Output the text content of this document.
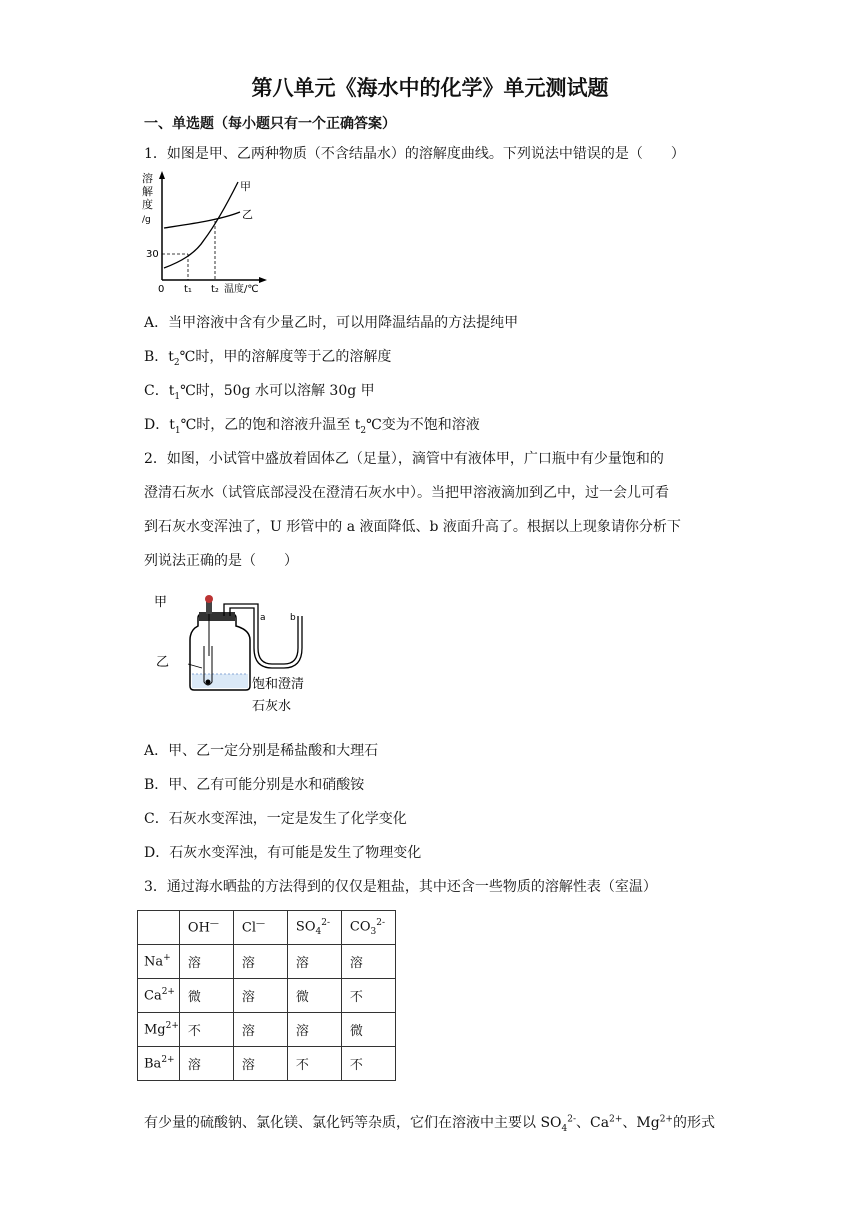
第八单元《海水中的化学》单元测试题
一、单选题（每小题只有一个正确答案）
1．如图是甲、乙两种物质（不含结晶水）的溶解度曲线。下列说法中错误的是（　　）
溶
解
度
/g
30
0 t₁ t₂ 温度/℃
甲
乙
A．当甲溶液中含有少量乙时，可以用降温结晶的方法提纯甲
B．$t_2℃$时，甲的溶解度等于乙的溶解度
C．$t_1℃$时，50g 水可以溶解 30g 甲
D．$t_1℃$时，乙的饱和溶液升温至 $t_2℃$变为不饱和溶液
2．如图，小试管中盛放着固体乙（足量），滴管中有液体甲，广口瓶中有少量饱和的
澄清石灰水（试管底部浸没在澄清石灰水中）。当把甲溶液滴加到乙中，过一会儿可看
到石灰水变浑浊了，U 形管中的 a 液面降低、b 液面升高了。根据以上现象请你分析下
列说法正确的是（　　）
甲
乙
a	b
饱和澄清
石灰水
A．甲、乙一定分别是稀盐酸和大理石
B．甲、乙有可能分别是水和硝酸铵
C．石灰水变浑浊，一定是发生了化学变化
D．石灰水变浑浊，有可能是发生了物理变化
3．通过海水晒盐的方法得到的仅仅是粗盐，其中还含一些物质的溶解性表（室温）
	OH—	Cl—	$SO_4^{2-}$	$CO_3^{2-}$
Na+	溶	溶	溶	溶
$Ca^{2+}$	微	溶	微	不
$Mg^{2+}$	不	溶	溶	微
$Ba^{2+}$	溶	溶	不	不
有少量的硫酸钠、氯化镁、氯化钙等杂质，它们在溶液中主要以 $SO_4^{2-}$、$Ca^{2+}$、$Mg^{2+}$的形式
